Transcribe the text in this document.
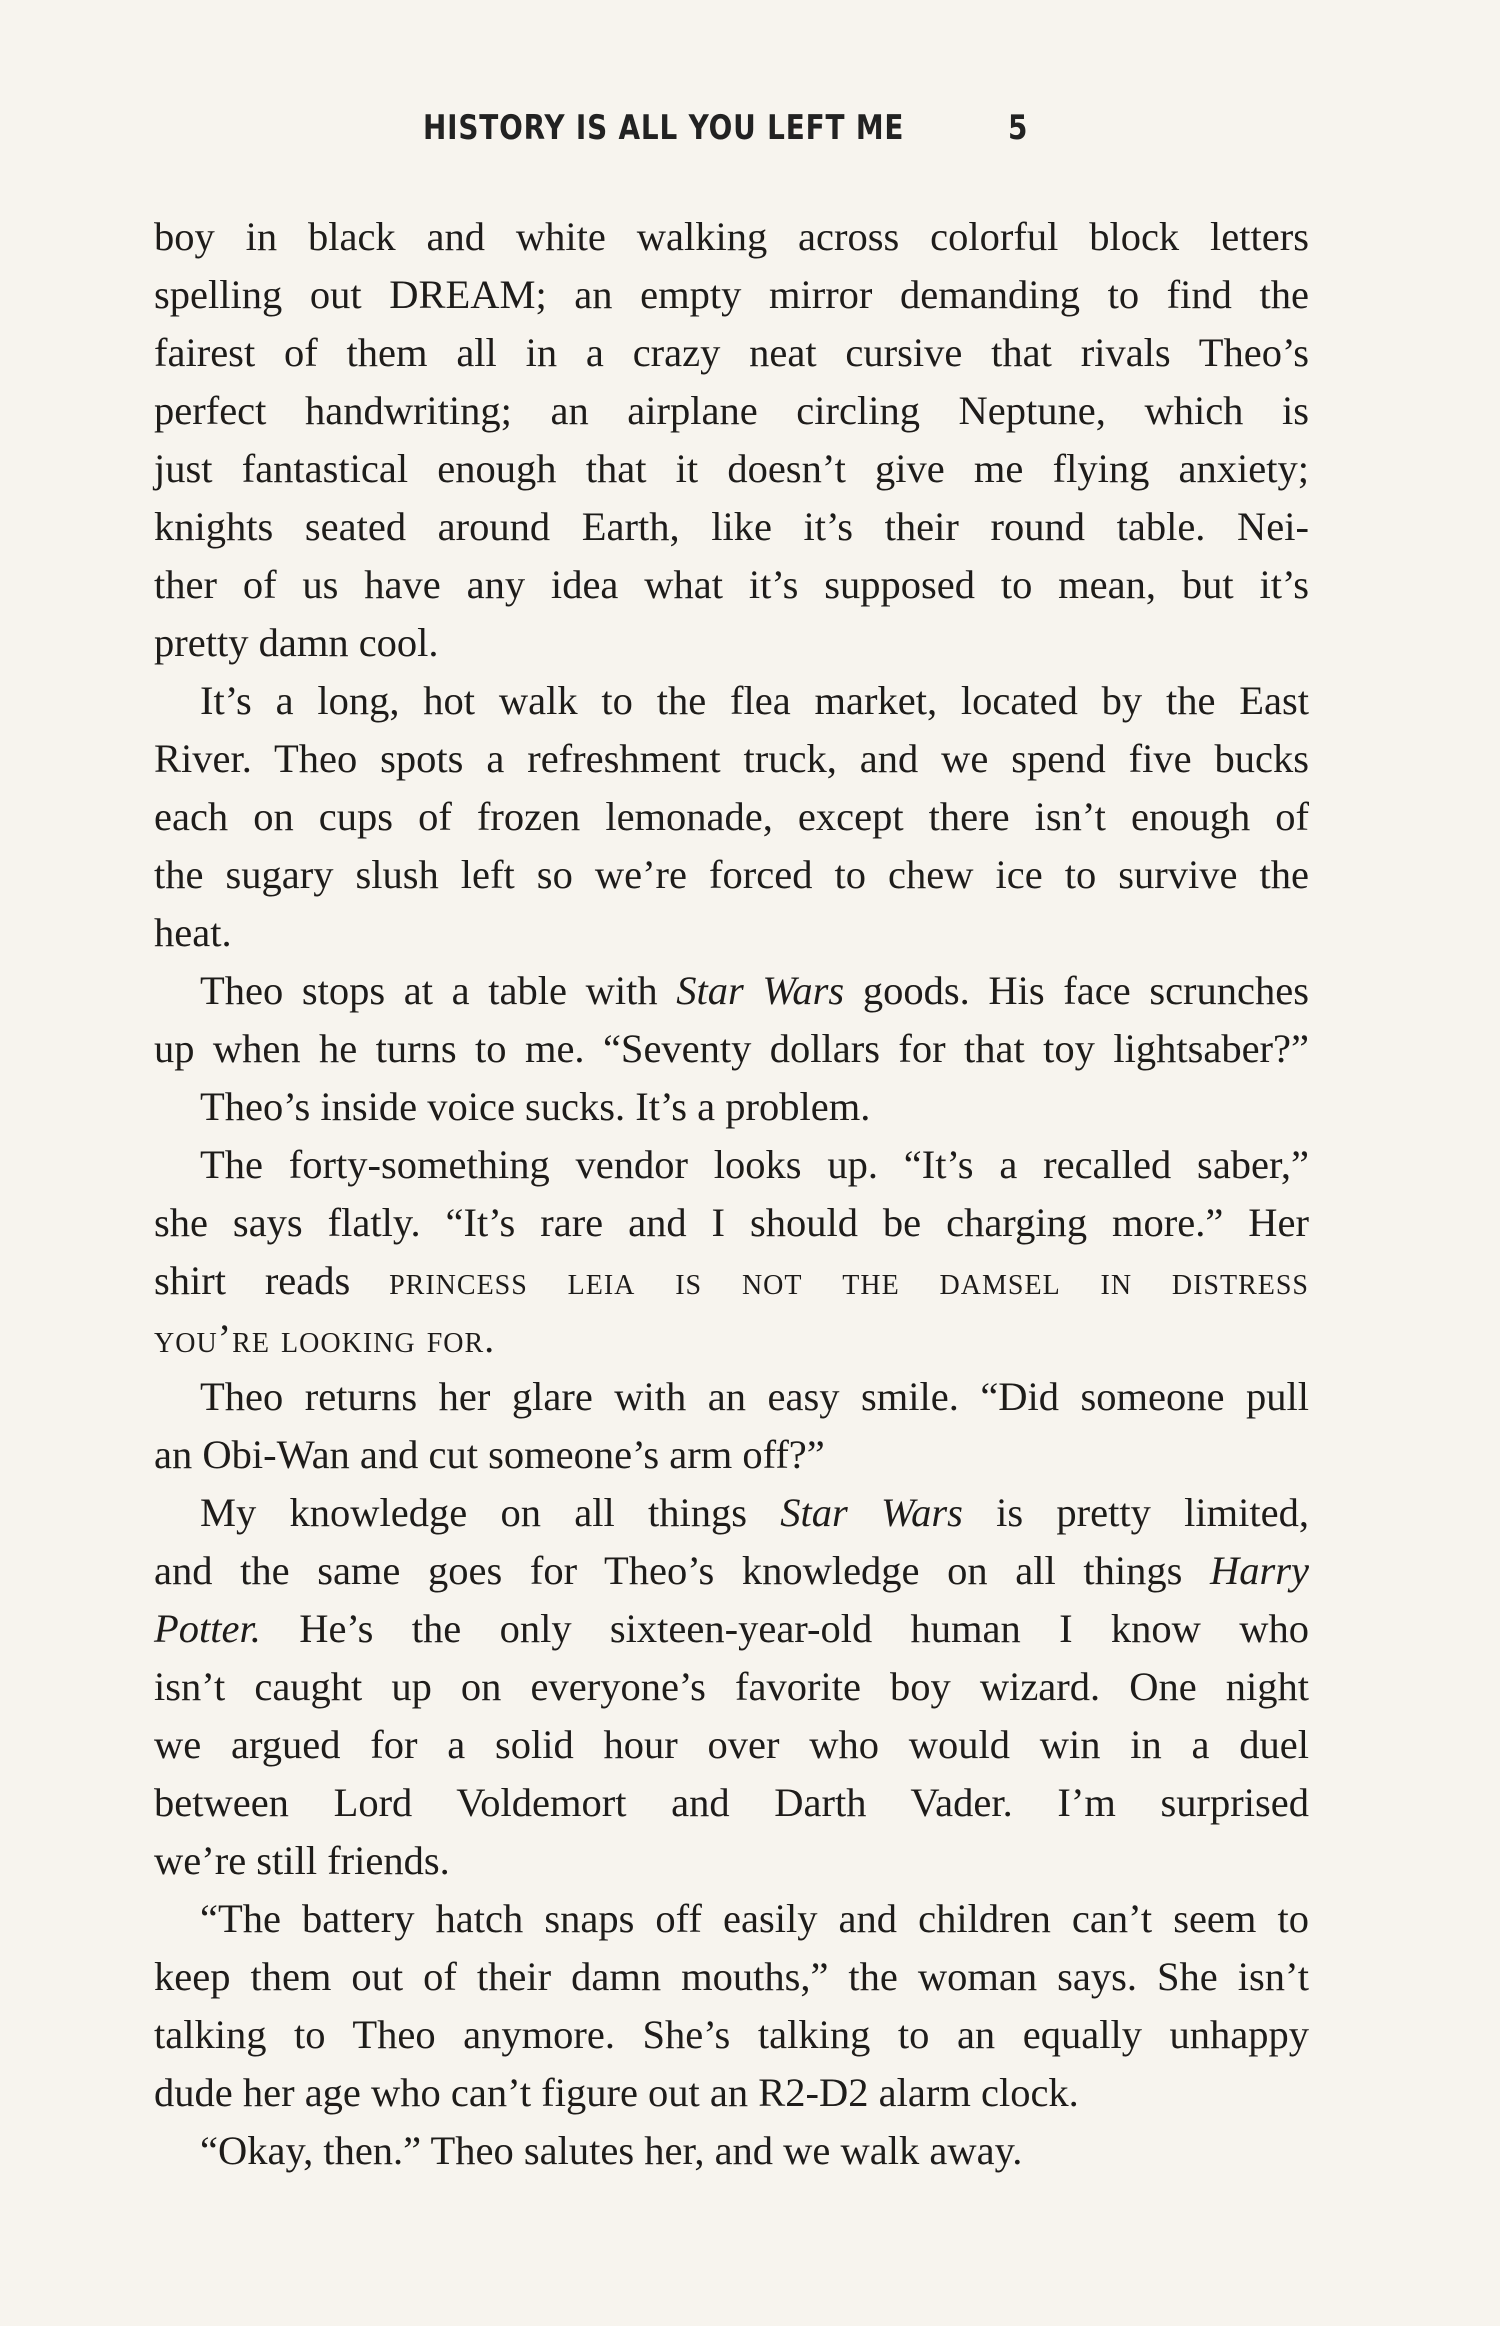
HISTORY IS ALL YOU LEFT ME	5
boy in black and white walking across colorful block letters
spelling out DREAM; an empty mirror demanding to find the
fairest of them all in a crazy neat cursive that rivals Theo’s
perfect handwriting; an airplane circling Neptune, which is
just fantastical enough that it doesn’t give me flying anxiety;
knights seated around Earth, like it’s their round table. Nei-
ther of us have any idea what it’s supposed to mean, but it’s
pretty damn cool.
It’s a long, hot walk to the flea market, located by the East
River. Theo spots a refreshment truck, and we spend five bucks
each on cups of frozen lemonade, except there isn’t enough of
the sugary slush left so we’re forced to chew ice to survive the
heat.
Theo stops at a table with Star Wars goods. His face scrunches
up when he turns to me. “Seventy dollars for that toy lightsaber?”
Theo’s inside voice sucks. It’s a problem.
The forty-something vendor looks up. “It’s a recalled saber,”
she says flatly. “It’s rare and I should be charging more.” Her
shirt reads princess leia is not the damsel in distress
you’re looking for.
Theo returns her glare with an easy smile. “Did someone pull
an Obi-Wan and cut someone’s arm off?”
My knowledge on all things Star Wars is pretty limited,
and the same goes for Theo’s knowledge on all things Harry
Potter. He’s the only sixteen-year-old human I know who
isn’t caught up on everyone’s favorite boy wizard. One night
we argued for a solid hour over who would win in a duel
between Lord Voldemort and Darth Vader. I’m surprised
we’re still friends.
“The battery hatch snaps off easily and children can’t seem to
keep them out of their damn mouths,” the woman says. She isn’t
talking to Theo anymore. She’s talking to an equally unhappy
dude her age who can’t figure out an R2-D2 alarm clock.
“Okay, then.” Theo salutes her, and we walk away.
